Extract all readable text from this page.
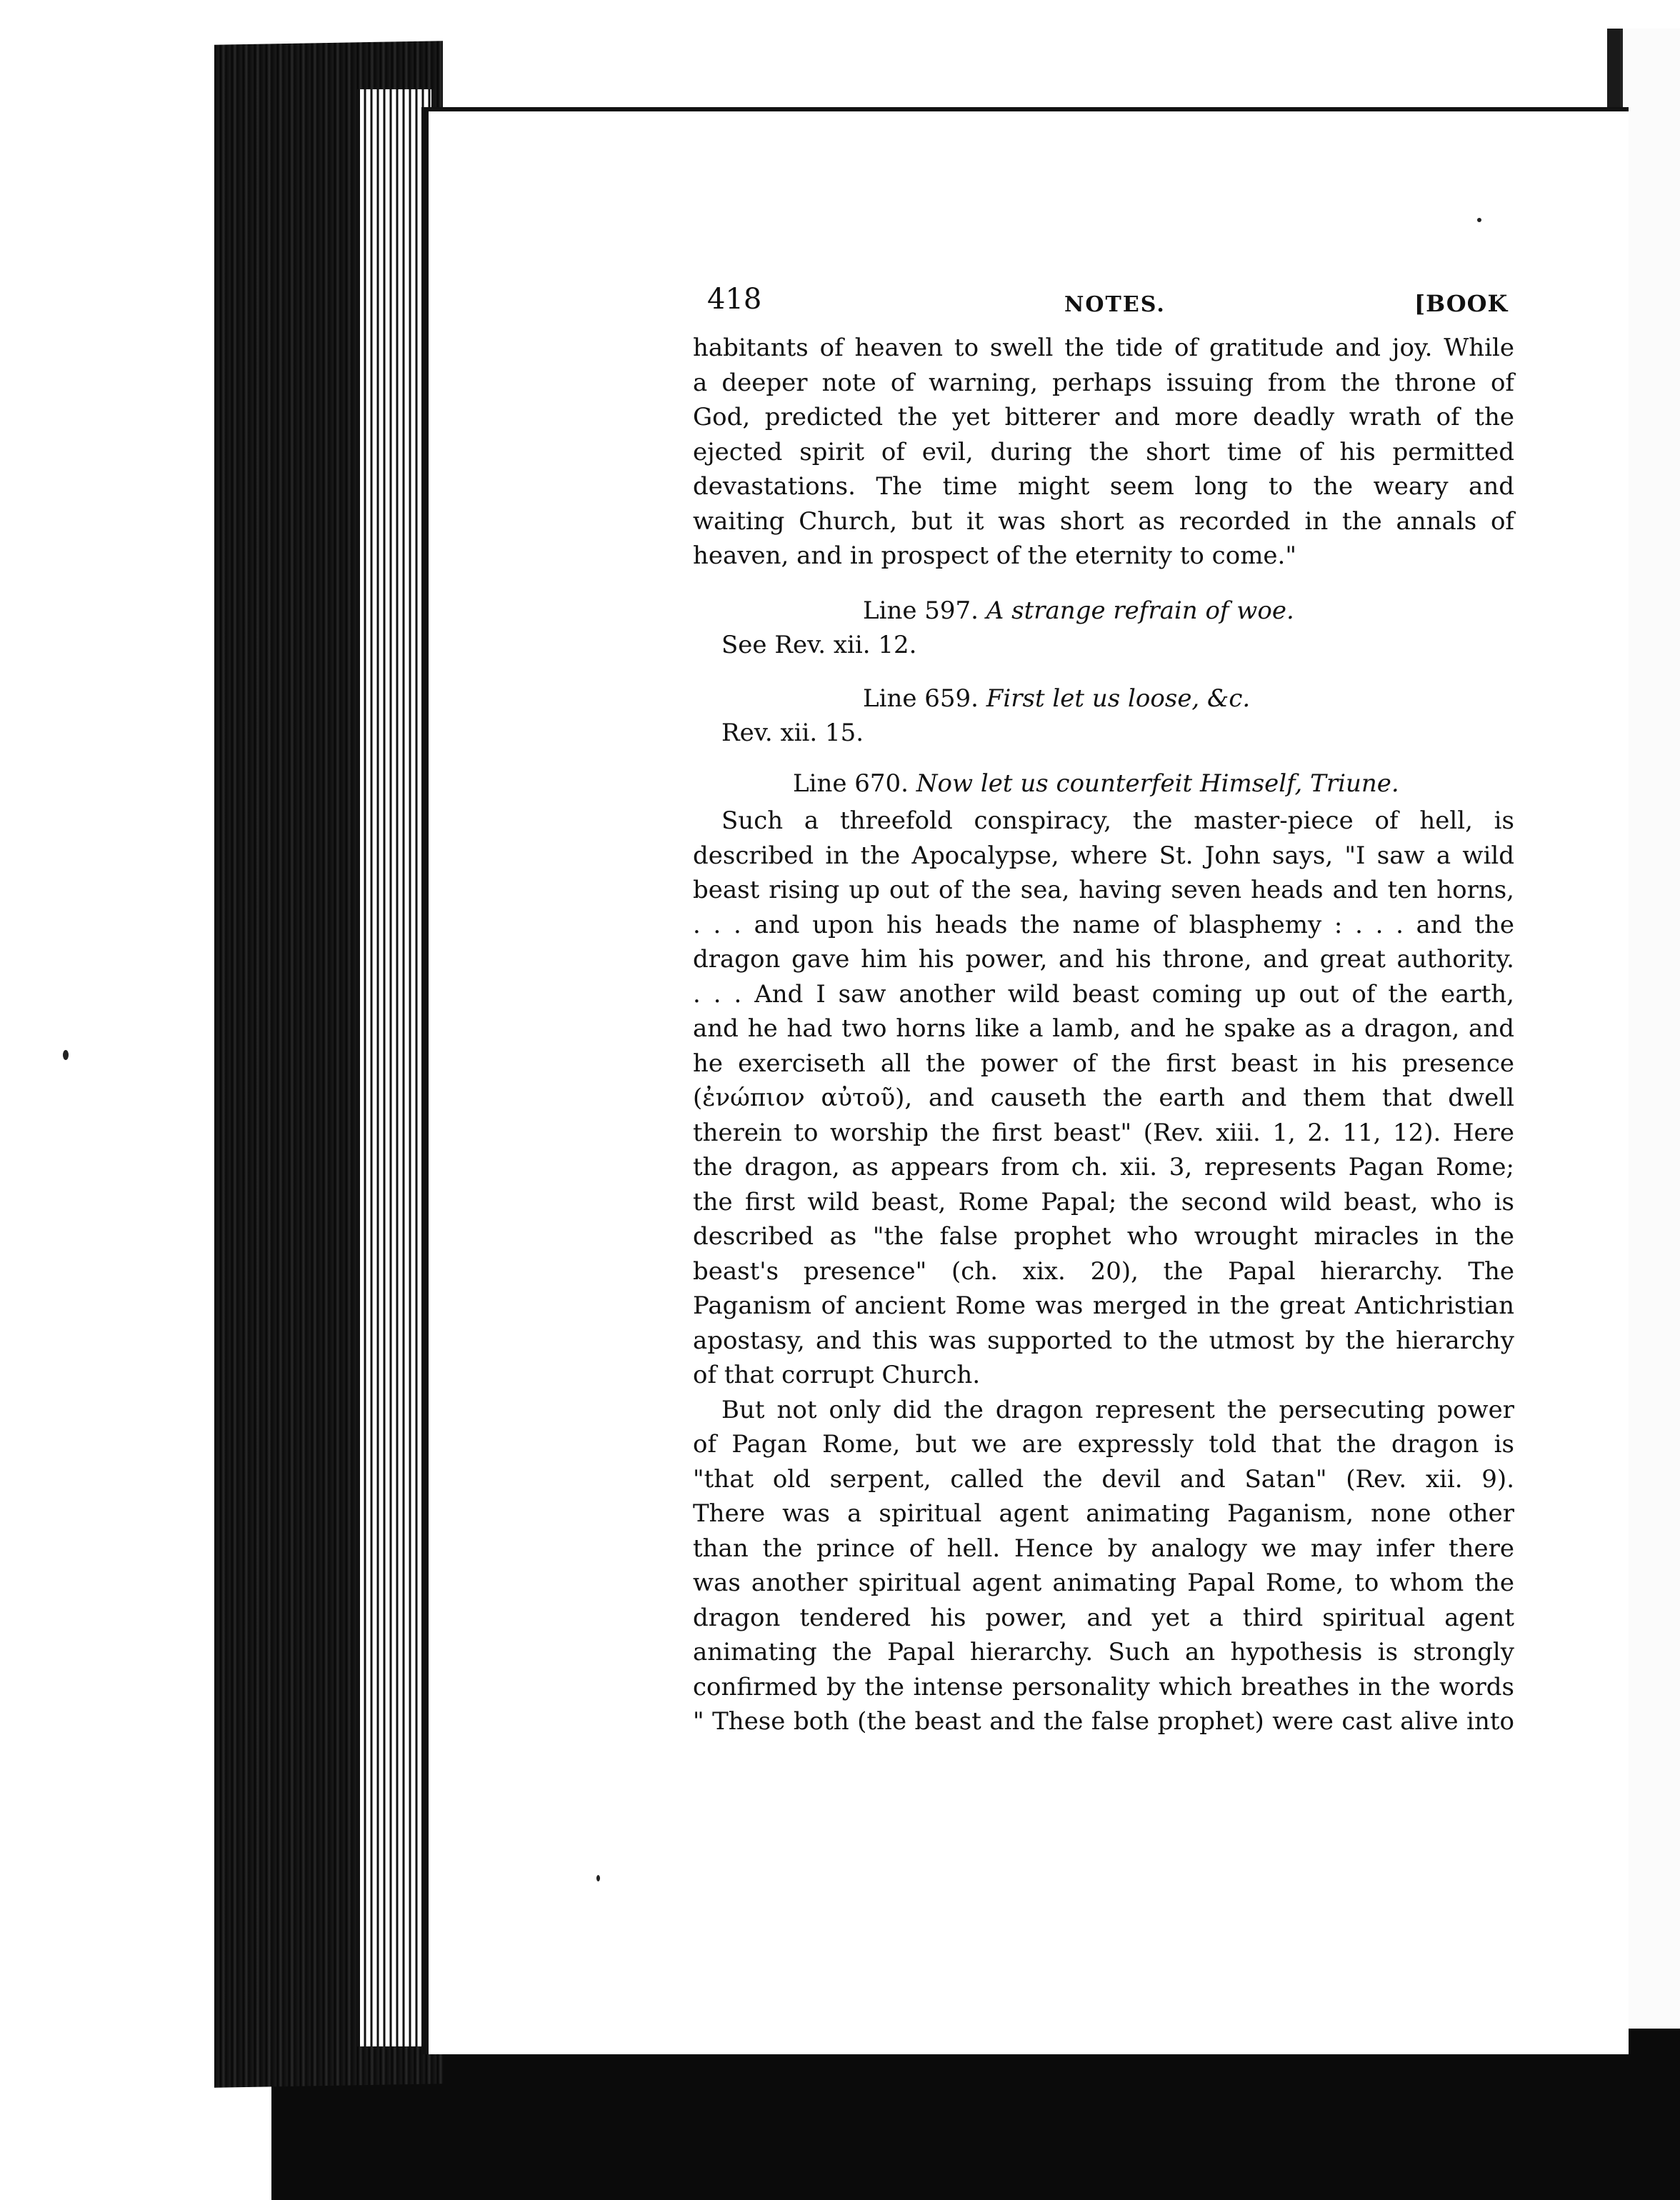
418	NOTES.	[BOOK
habitants of heaven to swell the tide of gratitude and joy. While
a deeper note of warning, perhaps issuing from the throne of
God, predicted the yet bitterer and more deadly wrath of the
ejected spirit of evil, during the short time of his permitted
devastations. The time might seem long to the weary and
waiting Church, but it was short as recorded in the annals of
heaven, and in prospect of the eternity to come."
Line 597. A strange refrain of woe.
See Rev. xii. 12.
Line 659. First let us loose, &c.
Rev. xii. 15.
Line 670. Now let us counterfeit Himself, Triune.
Such a threefold conspiracy, the master-piece of hell, is
described in the Apocalypse, where St. John says, "I saw a wild
beast rising up out of the sea, having seven heads and ten horns,
. . . and upon his heads the name of blasphemy : . . . and the
dragon gave him his power, and his throne, and great authority.
. . . And I saw another wild beast coming up out of the earth,
and he had two horns like a lamb, and he spake as a dragon, and
he exerciseth all the power of the first beast in his presence
(ἐνώπιον αὐτοῦ), and causeth the earth and them that dwell
therein to worship the first beast" (Rev. xiii. 1, 2. 11, 12). Here
the dragon, as appears from ch. xii. 3, represents Pagan Rome;
the first wild beast, Rome Papal; the second wild beast, who is
described as "the false prophet who wrought miracles in the
beast's presence" (ch. xix. 20), the Papal hierarchy. The
Paganism of ancient Rome was merged in the great Antichristian
apostasy, and this was supported to the utmost by the hierarchy
of that corrupt Church.
But not only did the dragon represent the persecuting power
of Pagan Rome, but we are expressly told that the dragon is
"that old serpent, called the devil and Satan" (Rev. xii. 9).
There was a spiritual agent animating Paganism, none other
than the prince of hell. Hence by analogy we may infer there
was another spiritual agent animating Papal Rome, to whom the
dragon tendered his power, and yet a third spiritual agent
animating the Papal hierarchy. Such an hypothesis is strongly
confirmed by the intense personality which breathes in the words
" These both (the beast and the false prophet) were cast alive into
